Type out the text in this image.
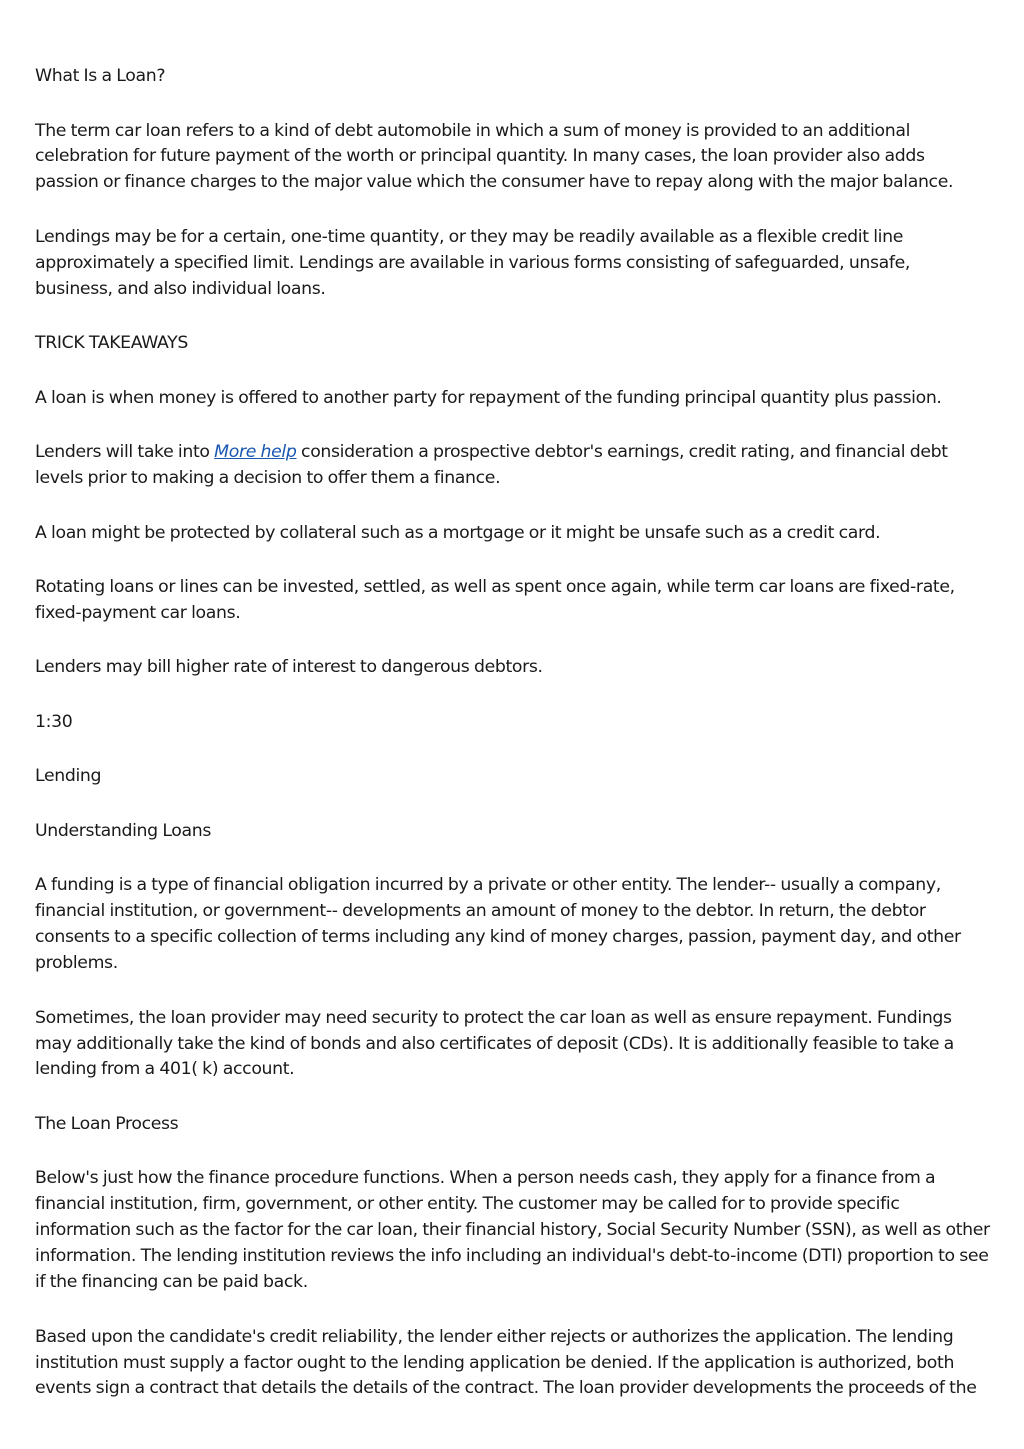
What Is a Loan?

The term car loan refers to a kind of debt automobile in which a sum of money is provided to an additional celebration for future payment of the worth or principal quantity. In many cases, the loan provider also adds passion or finance charges to the major value which the consumer have to repay along with the major balance.

Lendings may be for a certain, one-time quantity, or they may be readily available as a flexible credit line approximately a specified limit. Lendings are available in various forms consisting of safeguarded, unsafe, business, and also individual loans.

TRICK TAKEAWAYS

A loan is when money is offered to another party for repayment of the funding principal quantity plus passion.

Lenders will take into More help consideration a prospective debtor's earnings, credit rating, and financial debt levels prior to making a decision to offer them a finance.

A loan might be protected by collateral such as a mortgage or it might be unsafe such as a credit card.

Rotating loans or lines can be invested, settled, as well as spent once again, while term car loans are fixed-rate, fixed-payment car loans.

Lenders may bill higher rate of interest to dangerous debtors.

1:30

Lending

Understanding Loans

A funding is a type of financial obligation incurred by a private or other entity. The lender-- usually a company, financial institution, or government-- developments an amount of money to the debtor. In return, the debtor consents to a specific collection of terms including any kind of money charges, passion, payment day, and other problems.

Sometimes, the loan provider may need security to protect the car loan as well as ensure repayment. Fundings may additionally take the kind of bonds and also certificates of deposit (CDs). It is additionally feasible to take a lending from a 401( k) account.

The Loan Process

Below's just how the finance procedure functions. When a person needs cash, they apply for a finance from a financial institution, firm, government, or other entity. The customer may be called for to provide specific information such as the factor for the car loan, their financial history, Social Security Number (SSN), as well as other information. The lending institution reviews the info including an individual's debt-to-income (DTI) proportion to see if the financing can be paid back.

Based upon the candidate's credit reliability, the lender either rejects or authorizes the application. The lending institution must supply a factor ought to the lending application be denied. If the application is authorized, both events sign a contract that details the details of the contract. The loan provider developments the proceeds of the
